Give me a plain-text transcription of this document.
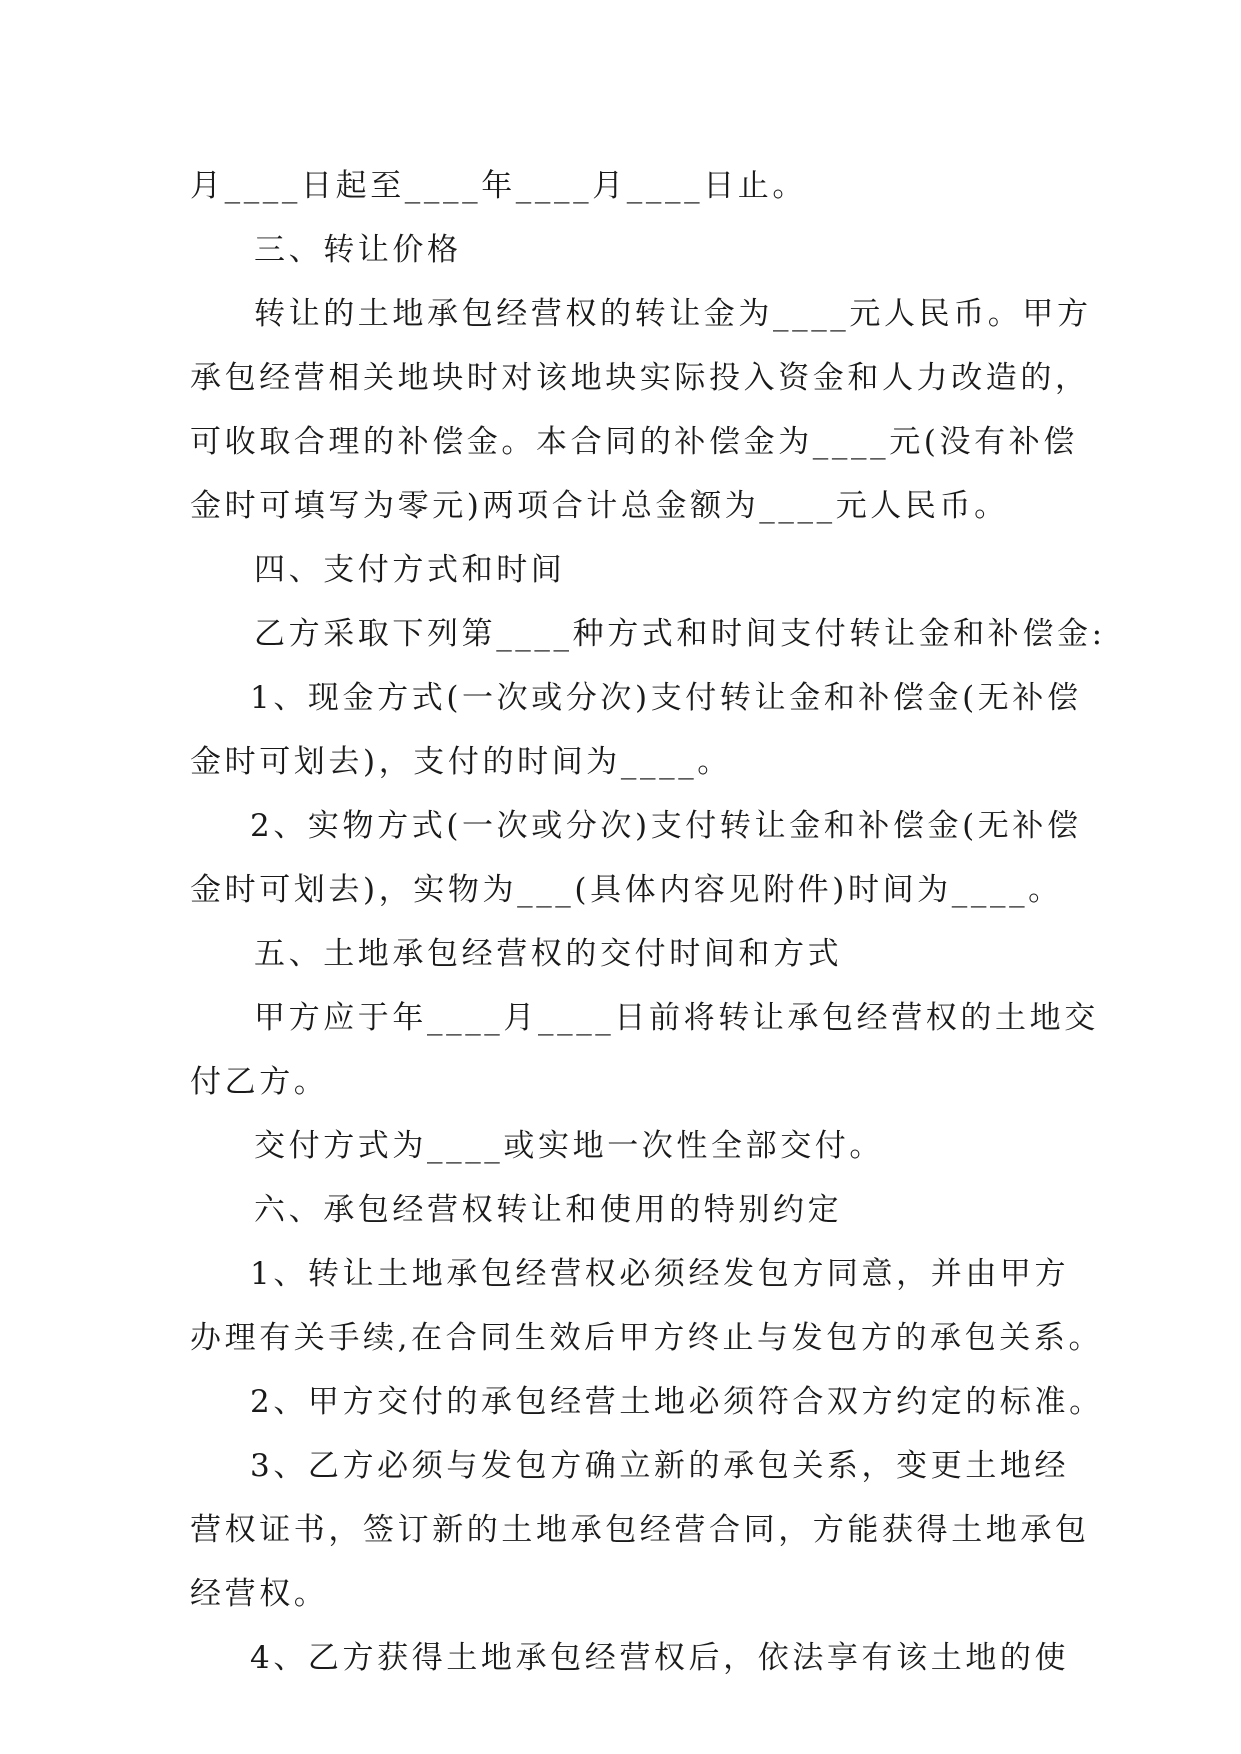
月____日起至____年____月____日止。
三、转让价格
转让的土地承包经营权的转让金为____元人民币。甲方
承包经营相关地块时对该地块实际投入资金和人力改造的，
可收取合理的补偿金。本合同的补偿金为____元(没有补偿
金时可填写为零元)两项合计总金额为____元人民币。
四、支付方式和时间
乙方采取下列第____种方式和时间支付转让金和补偿金:
1、现金方式(一次或分次)支付转让金和补偿金(无补偿
金时可划去)，支付的时间为____。
2、实物方式(一次或分次)支付转让金和补偿金(无补偿
金时可划去)，实物为___(具体内容见附件)时间为____。
五、土地承包经营权的交付时间和方式
甲方应于年____月____日前将转让承包经营权的土地交
付乙方。
交付方式为____或实地一次性全部交付。
六、承包经营权转让和使用的特别约定
1、转让土地承包经营权必须经发包方同意，并由甲方
办理有关手续,在合同生效后甲方终止与发包方的承包关系。
2、甲方交付的承包经营土地必须符合双方约定的标准。
3、乙方必须与发包方确立新的承包关系，变更土地经
营权证书，签订新的土地承包经营合同，方能获得土地承包
经营权。
4、乙方获得土地承包经营权后，依法享有该土地的使
